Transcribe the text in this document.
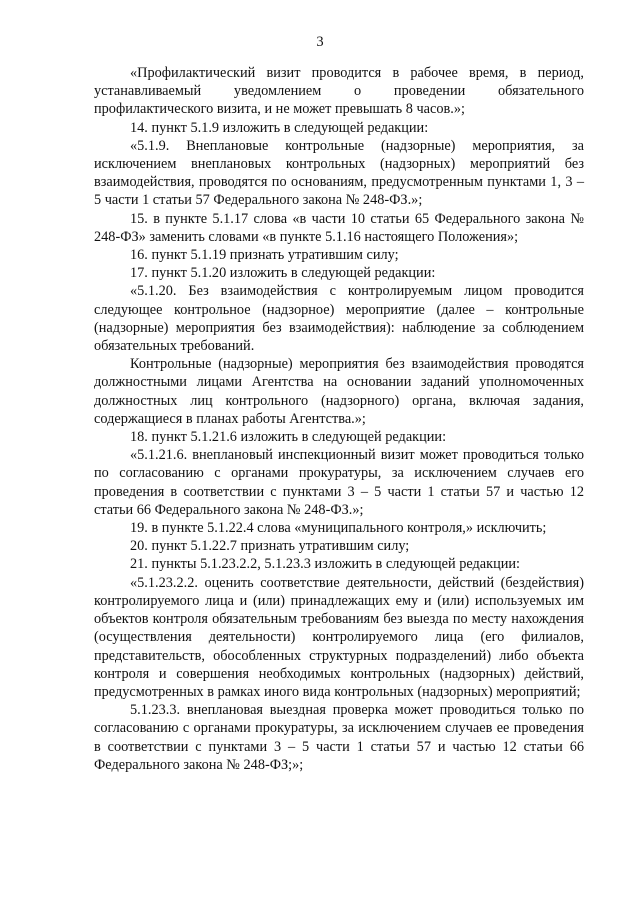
3

«Профилактический визит проводится в рабочее время, в период, устанавливаемый уведомлением о проведении обязательного профилактического визита, и не может превышать 8 часов.»;

14. пункт 5.1.9 изложить в следующей редакции:

«5.1.9. Внеплановые контрольные (надзорные) мероприятия, за исключением внеплановых контрольных (надзорных) мероприятий без взаимодействия, проводятся по основаниям, предусмотренным пунктами 1, 3 – 5 части 1 статьи 57 Федерального закона № 248-ФЗ.»;

15. в пункте 5.1.17 слова «в части 10 статьи 65 Федерального закона № 248-ФЗ» заменить словами «в пункте 5.1.16 настоящего Положения»;

16. пункт 5.1.19 признать утратившим силу;

17. пункт 5.1.20 изложить в следующей редакции:

«5.1.20. Без взаимодействия с контролируемым лицом проводится следующее контрольное (надзорное) мероприятие (далее – контрольные (надзорные) мероприятия без взаимодействия): наблюдение за соблюдением обязательных требований.

Контрольные (надзорные) мероприятия без взаимодействия проводятся должностными лицами Агентства на основании заданий уполномоченных должностных лиц контрольного (надзорного) органа, включая задания, содержащиеся в планах работы Агентства.»;

18. пункт 5.1.21.6 изложить в следующей редакции:

«5.1.21.6. внеплановый инспекционный визит может проводиться только по согласованию с органами прокуратуры, за исключением случаев его проведения в соответствии с пунктами 3 – 5 части 1 статьи 57 и частью 12 статьи 66 Федерального закона № 248-ФЗ.»;

19. в пункте 5.1.22.4 слова «муниципального контроля,» исключить;

20. пункт 5.1.22.7 признать утратившим силу;

21. пункты 5.1.23.2.2, 5.1.23.3 изложить в следующей редакции:

«5.1.23.2.2. оценить соответствие деятельности, действий (бездействия) контролируемого лица и (или) принадлежащих ему и (или) используемых им объектов контроля обязательным требованиям без выезда по месту нахождения (осуществления деятельности) контролируемого лица (его филиалов, представительств, обособленных структурных подразделений) либо объекта контроля и совершения необходимых контрольных (надзорных) действий, предусмотренных в рамках иного вида контрольных (надзорных) мероприятий;

5.1.23.3. внеплановая выездная проверка может проводиться только по согласованию с органами прокуратуры, за исключением случаев ее проведения в соответствии с пунктами 3 – 5 части 1 статьи 57 и частью 12 статьи 66 Федерального закона № 248-ФЗ;»;
